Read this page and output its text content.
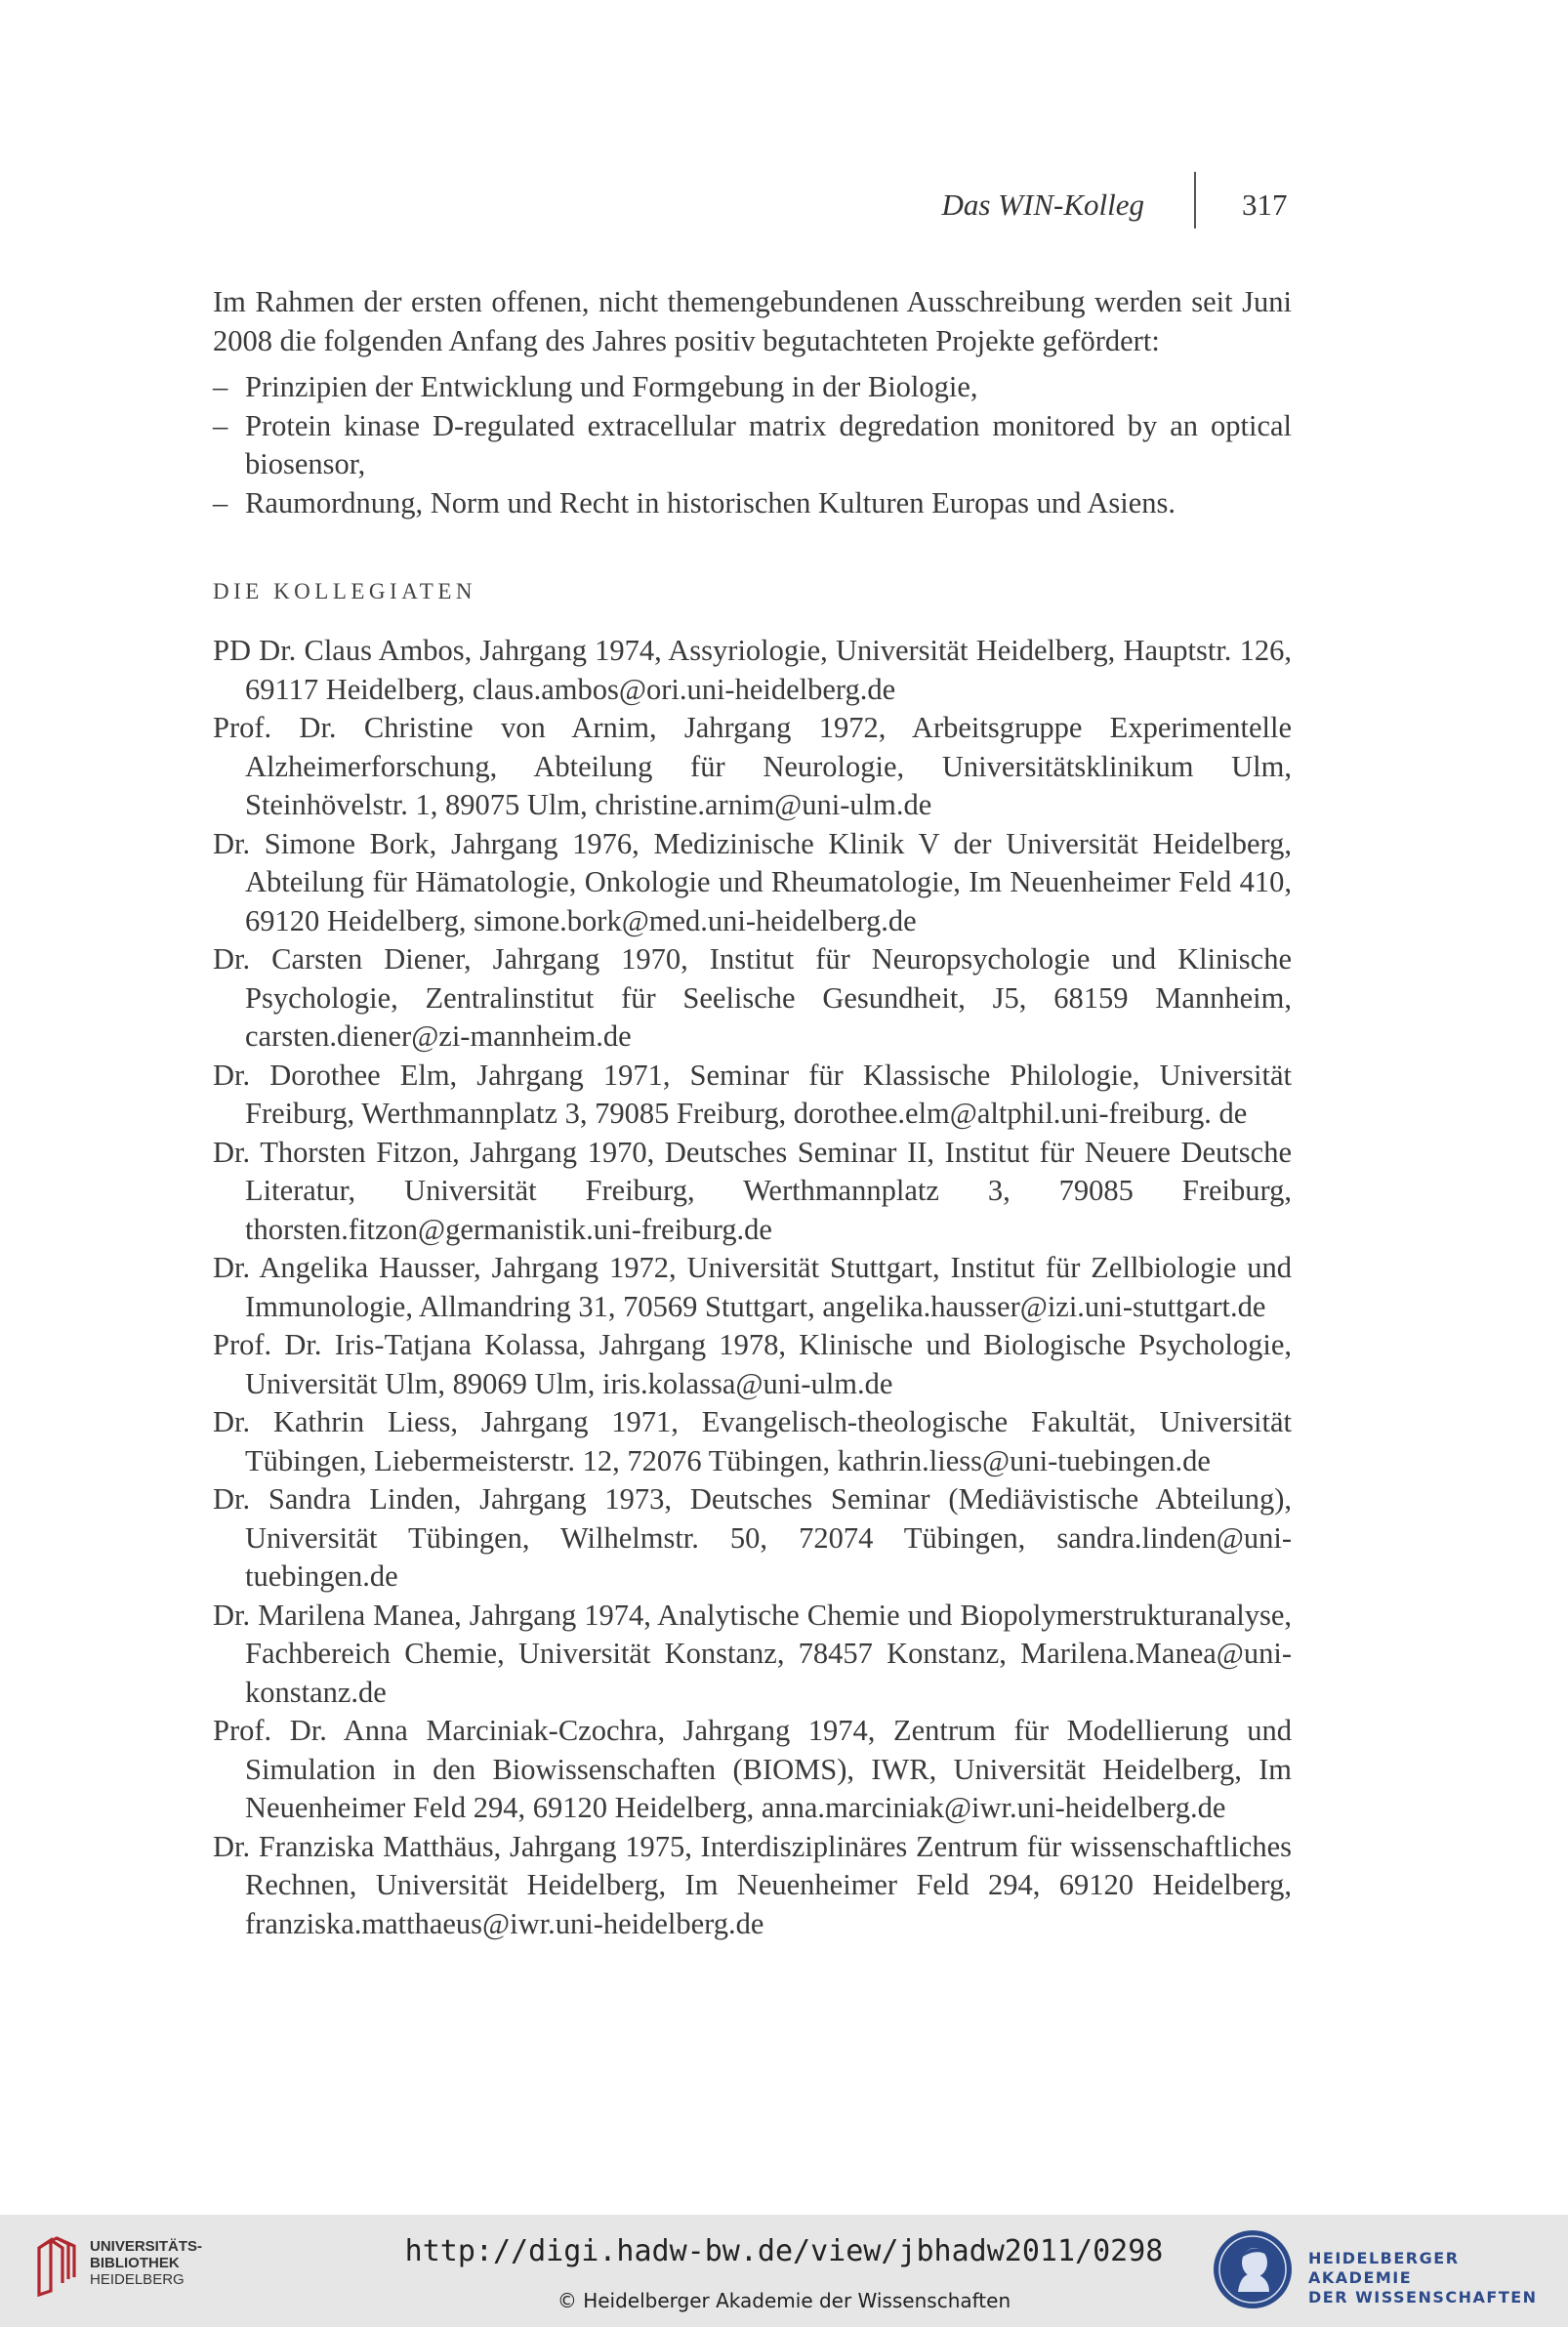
Das WIN-Kolleg	317

Im Rahmen der ersten offenen, nicht themengebundenen Ausschreibung werden seit Juni 2008 die folgenden Anfang des Jahres positiv begutachteten Projekte gefördert:

– Prinzipien der Entwicklung und Formgebung in der Biologie,
– Protein kinase D-regulated extracellular matrix degredation monitored by an optical biosensor,
– Raumordnung, Norm und Recht in historischen Kulturen Europas und Asiens.
DIE KOLLEGIATEN

PD Dr. Claus Ambos, Jahrgang 1974, Assyriologie, Universität Heidelberg, Hauptstr. 126, 69117 Heidelberg, claus.ambos@ori.uni-heidelberg.de

Prof. Dr. Christine von Arnim, Jahrgang 1972, Arbeitsgruppe Experimentelle Alzheimerforschung, Abteilung für Neurologie, Universitätsklinikum Ulm, Steinhövelstr. 1, 89075 Ulm, christine.arnim@uni-ulm.de

Dr. Simone Bork, Jahrgang 1976, Medizinische Klinik V der Universität Heidelberg, Abteilung für Hämatologie, Onkologie und Rheumatologie, Im Neuenheimer Feld 410, 69120 Heidelberg, simone.bork@med.uni-heidelberg.de

Dr. Carsten Diener, Jahrgang 1970, Institut für Neuropsychologie und Klinische Psychologie, Zentralinstitut für Seelische Gesundheit, J5, 68159 Mannheim, carsten.diener@zi-mannheim.de

Dr. Dorothee Elm, Jahrgang 1971, Seminar für Klassische Philologie, Universität Freiburg, Werthmannplatz 3, 79085 Freiburg, dorothee.elm@altphil.uni-freiburg. de

Dr. Thorsten Fitzon, Jahrgang 1970, Deutsches Seminar II, Institut für Neuere Deutsche Literatur, Universität Freiburg, Werthmannplatz 3, 79085 Freiburg, thorsten.fitzon@germanistik.uni-freiburg.de

Dr. Angelika Hausser, Jahrgang 1972, Universität Stuttgart, Institut für Zellbiologie und Immunologie, Allmandring 31, 70569 Stuttgart, angelika.hausser@izi.uni-stuttgart.de

Prof. Dr. Iris-Tatjana Kolassa, Jahrgang 1978, Klinische und Biologische Psychologie, Universität Ulm, 89069 Ulm, iris.kolassa@uni-ulm.de

Dr. Kathrin Liess, Jahrgang 1971, Evangelisch-theologische Fakultät, Universität Tübingen, Liebermeisterstr. 12, 72076 Tübingen, kathrin.liess@uni-tuebingen.de

Dr. Sandra Linden, Jahrgang 1973, Deutsches Seminar (Mediävistische Abteilung), Universität Tübingen, Wilhelmstr. 50, 72074 Tübingen, sandra.linden@uni-tuebingen.de

Dr. Marilena Manea, Jahrgang 1974, Analytische Chemie und Biopolymerstrukturanalyse, Fachbereich Chemie, Universität Konstanz, 78457 Konstanz, Marilena.Manea@uni-konstanz.de

Prof. Dr. Anna Marciniak-Czochra, Jahrgang 1974, Zentrum für Modellierung und Simulation in den Biowissenschaften (BIOMS), IWR, Universität Heidelberg, Im Neuenheimer Feld 294, 69120 Heidelberg, anna.marciniak@iwr.uni-heidelberg.de

Dr. Franziska Matthäus, Jahrgang 1975, Interdisziplinäres Zentrum für wissenschaftliches Rechnen, Universität Heidelberg, Im Neuenheimer Feld 294, 69120 Heidelberg, franziska.matthaeus@iwr.uni-heidelberg.de

UNIVERSITÄTS-
BIBLIOTHEK
HEIDELBERG
http://digi.hadw-bw.de/view/jbhadw2011/0298
© Heidelberger Akademie der Wissenschaften
HEIDELBERGER AKADEMIE
DER WISSENSCHAFTEN
